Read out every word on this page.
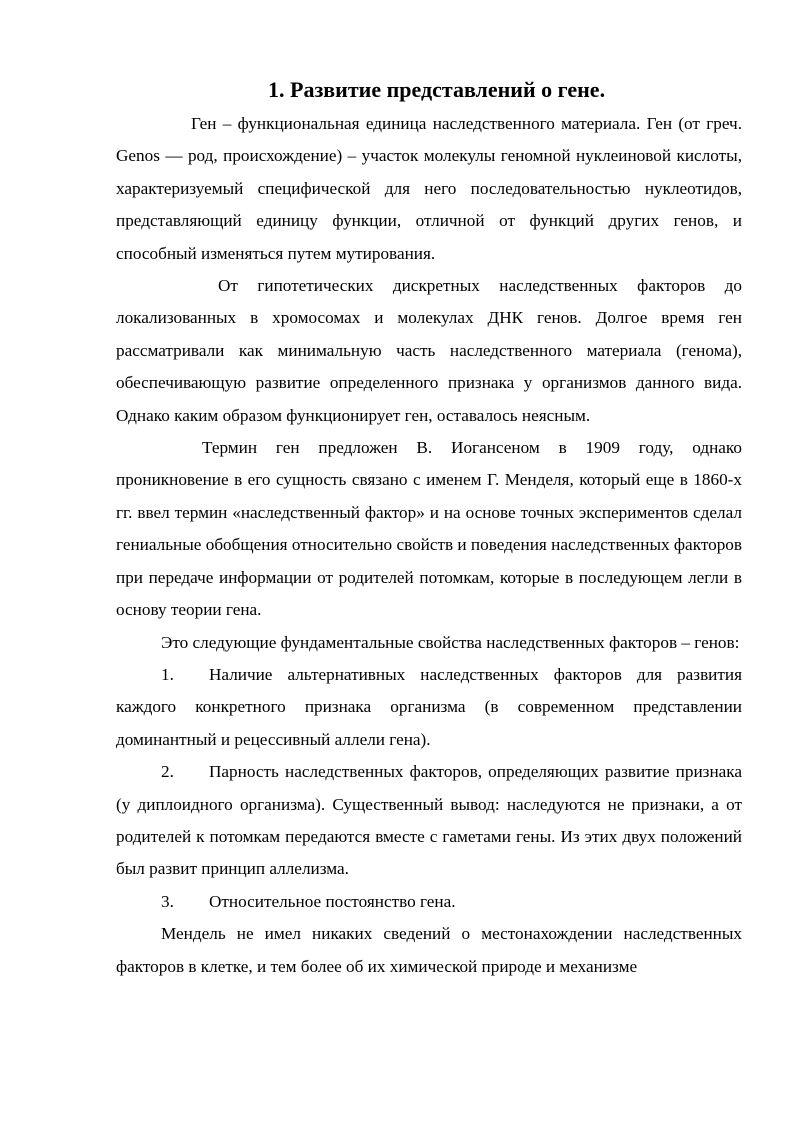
1. Развитие представлений о гене.

Ген – функциональная единица наследственного материала. Ген (от греч. Genos — род, происхождение) – участок молекулы геномной нуклеиновой кислоты, характеризуемый специфической для него последовательностью нуклеотидов, представляющий единицу функции, отличной от функций других генов, и способный изменяться путем мутирования.

От гипотетических дискретных наследственных факторов до локализованных в хромосомах и молекулах ДНК генов. Долгое время ген рассматривали как минимальную часть наследственного материала (генома), обеспечивающую развитие определенного признака у организмов данного вида. Однако каким образом функционирует ген, оставалось неясным.

Термин ген предложен В. Иогансеном в 1909 году, однако проникновение в его сущность связано с именем Г. Менделя, который еще в 1860-х гг. ввел термин «наследственный фактор» и на основе точных экспериментов сделал гениальные обобщения относительно свойств и поведения наследственных факторов при передаче информации от родителей потомкам, которые в последующем легли в основу теории гена.

Это следующие фундаментальные свойства наследственных факторов – генов:

1. Наличие альтернативных наследственных факторов для развития каждого конкретного признака организма (в современном представлении доминантный и рецессивный аллели гена).

2. Парность наследственных факторов, определяющих развитие признака (у диплоидного организма). Существенный вывод: наследуются не признаки, а от родителей к потомкам передаются вместе с гаметами гены. Из этих двух положений был развит принцип аллелизма.

3. Относительное постоянство гена.

Мендель не имел никаких сведений о местонахождении наследственных факторов в клетке, и тем более об их химической природе и механизме
